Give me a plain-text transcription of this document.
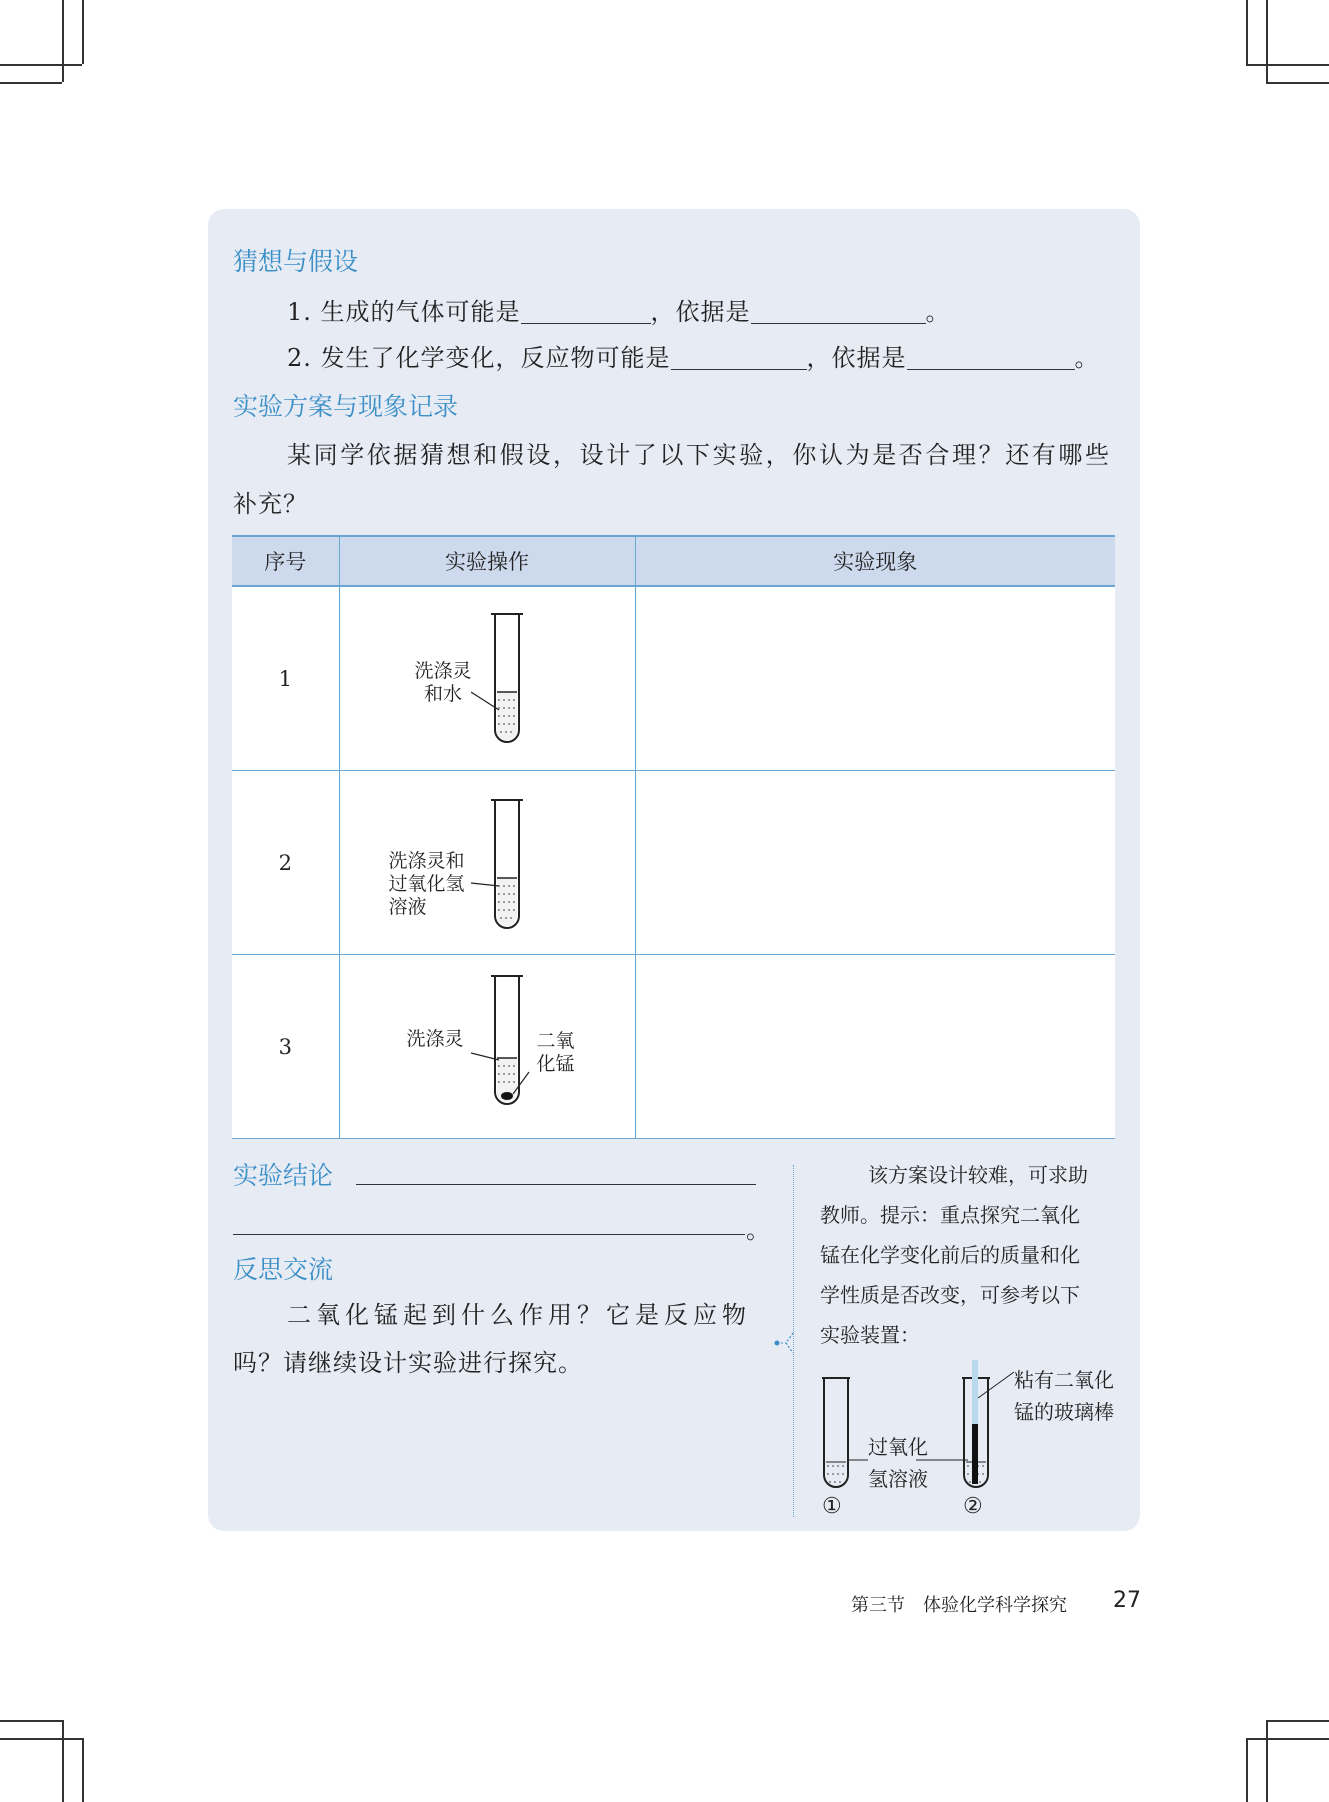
猜想与假设
1. 生成的气体可能是	，依据是	。
2. 发生了化学变化，反应物可能是	，依据是	。
实验方案与现象记录
某同学依据猜想和假设，设计了以下实验，你认为是否合理？还有哪些
补充？
序号	实验操作	实验现象
1	洗涤灵
和水	

2	洗涤灵和
过氧化氢
溶液	

3	洗涤灵 二氧
化锰	

实验结论
。
反思交流
二氧化锰起到什么作用？它是反应物
吗？请继续设计实验进行探究。
该方案设计较难，可求助
教师。提示：重点探究二氧化
锰在化学变化前后的质量和化
学性质是否改变，可参考以下
实验装置：
过氧化
氢溶液
粘有二氧化
锰的玻璃棒
①	②
第三节　体验化学科学探究 27
